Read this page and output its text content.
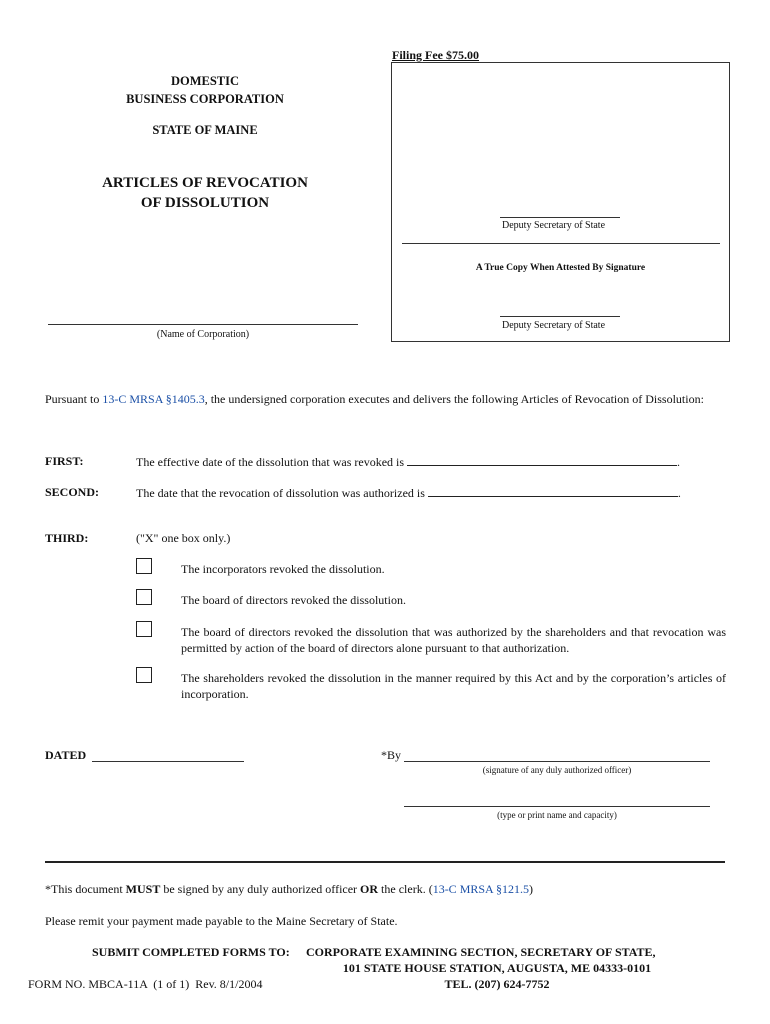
Filing Fee $75.00
Deputy Secretary of State
A True Copy When Attested By Signature
Deputy Secretary of State
DOMESTIC
BUSINESS CORPORATION
STATE OF MAINE
ARTICLES OF REVOCATION
OF DISSOLUTION
(Name of Corporation)
Pursuant to 13-C MRSA §1405.3, the undersigned corporation executes and delivers the following Articles of Revocation of Dissolution:
FIRST:	The effective date of the dissolution that was revoked is	.
SECOND:	The date that the revocation of dissolution was authorized is	.
THIRD:	("X" one box only.)
The incorporators revoked the dissolution.
The board of directors revoked the dissolution.
The board of directors revoked the dissolution that was authorized by the shareholders and that revocation was permitted by action of the board of directors alone pursuant to that authorization.
The shareholders revoked the dissolution in the manner required by this Act and by the corporation’s articles of incorporation.
DATED	*By
(signature of any duly authorized officer)
(type or print name and capacity)
*This document MUST be signed by any duly authorized officer OR the clerk. (13-C MRSA §121.5)
Please remit your payment made payable to the Maine Secretary of State.
SUBMIT COMPLETED FORMS TO: CORPORATE EXAMINING SECTION, SECRETARY OF STATE,
101 STATE HOUSE STATION, AUGUSTA, ME 04333-0101
TEL. (207) 624-7752
FORM NO. MBCA-11A  (1 of 1)  Rev. 8/1/2004
